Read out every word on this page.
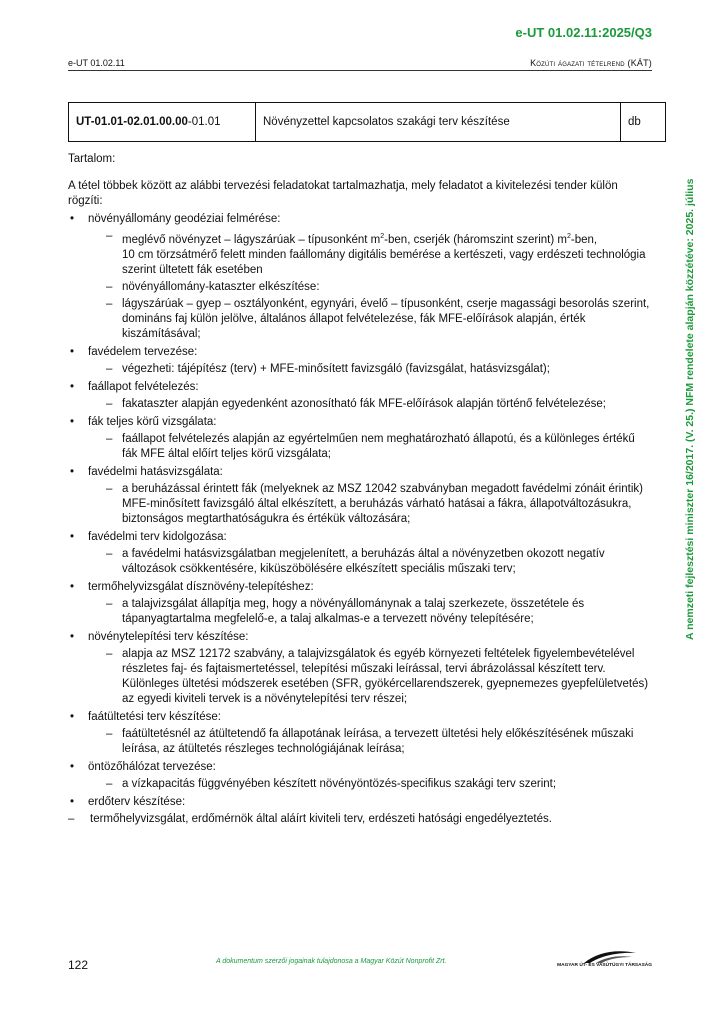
e-UT 01.02.11:2025/Q3
e-UT 01.02.11	Közúti ágazati tételrend (KÁT)
A nemzeti fejlesztési miniszter 16/2017. (V. 25.) NFM rendelete alapján közzétéve: 2025. július
UT-01.01-02.01.00.00-01.01	Növényzettel kapcsolatos szakági terv készítése	db

Tartalom:

A tétel többek között az alábbi tervezési feladatokat tartalmazhatja, mely feladatot a kivitelezési tender külön rögzíti:

• növényállomány geodéziai felmérése:
– meglévő növényzet – lágyszárúak – típusonként $m^2$-ben, cserjék (háromszint szerint) $m^2$-ben,
10 cm törzsátmérő felett minden faállomány digitális bemérése a kertészeti, vagy erdészeti technológia szerint ültetett fák esetében
– növényállomány-kataszter elkészítése:
– lágyszárúak – gyep – osztályonként, egynyári, évelő – típusonként, cserje magassági besorolás szerint, domináns faj külön jelölve, általános állapot felvételezése, fák MFE-előírások alapján, érték kiszámításával;
• favédelem tervezése:
– végezheti: tájépítész (terv) + MFE-minősített favizsgáló (favizsgálat, hatásvizsgálat);
• faállapot felvételezés:
– fakataszter alapján egyedenként azonosítható fák MFE-előírások alapján történő felvételezése;
• fák teljes körű vizsgálata:
– faállapot felvételezés alapján az egyértelműen nem meghatározható állapotú, és a különleges értékű fák MFE által előírt teljes körű vizsgálata;
• favédelmi hatásvizsgálata:
– a beruházással érintett fák (melyeknek az MSZ 12042 szabványban megadott favédelmi zónáit érintik) MFE-minősített favizsgáló által elkészített, a beruházás várható hatásai a fákra, állapotváltozásukra, biztonságos megtarthatóságukra és értékük változására;
• favédelmi terv kidolgozása:
– a favédelmi hatásvizsgálatban megjelenített, a beruházás által a növényzetben okozott negatív változások csökkentésére, kiküszöbölésére elkészített speciális műszaki terv;
• termőhelyvizsgálat dísznövény-telepítéshez:
– a talajvizsgálat állapítja meg, hogy a növényállománynak a talaj szerkezete, összetétele és tápanyagtartalma megfelelő-e, a talaj alkalmas-e a tervezett növény telepítésére;
• növénytelepítési terv készítése:
– alapja az MSZ 12172 szabvány, a talajvizsgálatok és egyéb környezeti feltételek figyelembevételével részletes faj- és fajtaismertetéssel, telepítési műszaki leírással, tervi ábrázolással készített terv. Különleges ültetési módszerek esetében (SFR, gyökércellarendszerek, gyepnemezes gyepfelületvetés) az egyedi kiviteli tervek is a növénytelepítési terv részei;
• faátültetési terv készítése:
– faátültetésnél az átültetendő fa állapotának leírása, a tervezett ültetési hely előkészítésének műszaki leírása, az átültetés részleges technológiájának leírása;
• öntözőhálózat tervezése:
– a vízkapacitás függvényében készített növényöntözés-specifikus szakági terv szerint;
• erdőterv készítése:
– termőhelyvizsgálat, erdőmérnök által aláírt kiviteli terv, erdészeti hatósági engedélyeztetés.
122	A dokumentum szerzői jogainak tulajdonosa a Magyar Közút Nonprofit Zrt.
MAGYAR ÚT- ÉS VASÚTÜGYI TÁRSASÁG
